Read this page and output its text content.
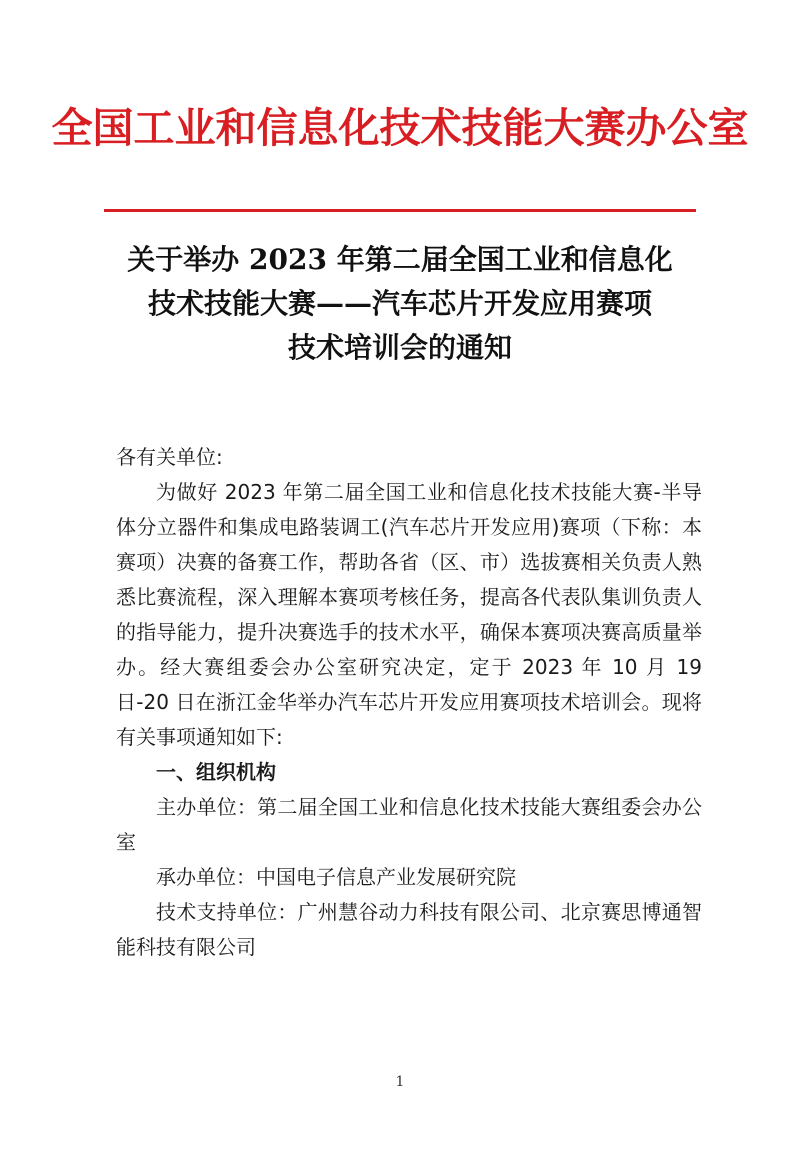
全国工业和信息化技术技能大赛办公室
关于举办 2023 年第二届全国工业和信息化
技术技能大赛——汽车芯片开发应用赛项
技术培训会的通知

各有关单位:

为做好 2023 年第二届全国工业和信息化技术技能大赛-半导体分立器件和集成电路装调工(汽车芯片开发应用)赛项（下称：本赛项）决赛的备赛工作，帮助各省（区、市）选拔赛相关负责人熟悉比赛流程，深入理解本赛项考核任务，提高各代表队集训负责人的指导能力，提升决赛选手的技术水平，确保本赛项决赛高质量举办。经大赛组委会办公室研究决定，定于 2023 年 10 月 19 日-20 日在浙江金华举办汽车芯片开发应用赛项技术培训会。现将有关事项通知如下:

一、组织机构

主办单位：第二届全国工业和信息化技术技能大赛组委会办公室

承办单位：中国电子信息产业发展研究院

技术支持单位：广州慧谷动力科技有限公司、北京赛思博通智能科技有限公司

1
